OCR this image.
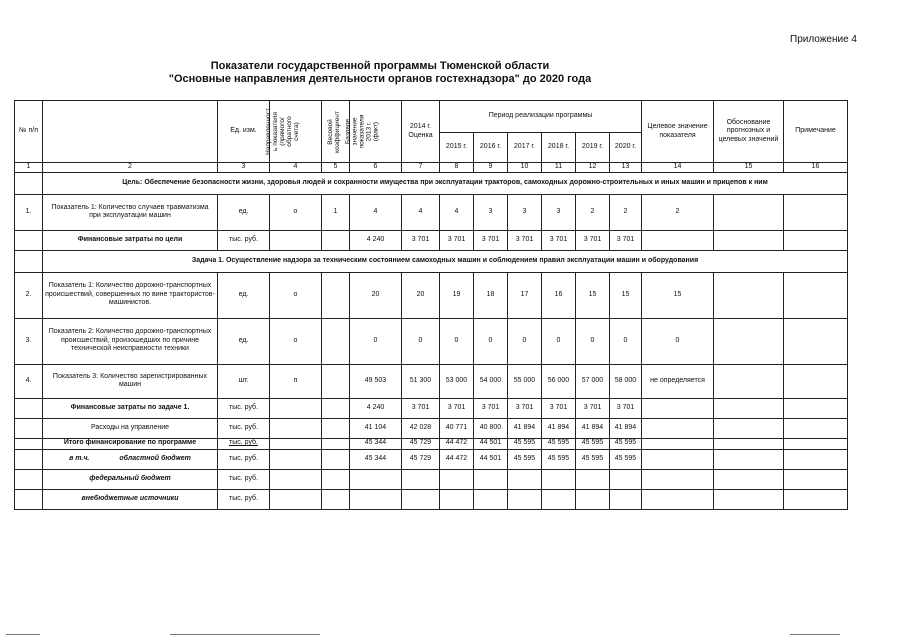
Приложение 4
Показатели государственной программы Тюменской области
"Основные направления деятельности органов гостехнадзора" до 2020 года
№ п/п		Ед. изм.	Направленност ь показателя (прямого/ обратного счета)	Весовой коэффициент	Базовое значение показателя 2013 г. (факт)	2014 г. Оценка	Период реализации программы						Целевое значение показателя	Обоснование прогнозных и целевых значений	Примечание
							2015 г.	2016 г.	2017 г.	2018 г.	2019 г.	2020 г.			
1	2	3	4	5	6	7	8	9	10	11	12	13	14	15	16
	Цель: Обеспечение безопасности жизни, здоровья людей и сохранности имущества при эксплуатации тракторов, самоходных дорожно-строительных и иных машин и прицепов к ним														
1.	Показатель 1: Количество случаев травматизма при эксплуатации машин	ед.	о	1	4	4	4	3	3	3	2	2	2		
	Финансовые затраты по цели	тыс. руб.			4 240	3 701	3 701	3 701	3 701	3 701	3 701	3 701			
	Задача 1. Осуществление надзора за техническим состоянием самоходных машин и соблюдением правил эксплуатации машин и оборудования														
2.	Показатель 1: Количество дорожно-транспортных происшествий, совершенных по вине трактористов- машинистов.	ед.	о		20	20	19	18	17	16	15	15	15		
3.	Показатель 2: Количество дорожно-транспортных происшествий, произошедших по причине технической неисправности техники	ед.	о		0	0	0	0	0	0	0	0	0		
4.	Показатель 3: Количество зарегистрированных машин	шт.	п		49 503	51 300	53 000	54 000	55 000	56 000	57 000	58 000	не определяется		
	Финансовые затраты по задаче 1.	тыс. руб.			4 240	3 701	3 701	3 701	3 701	3 701	3 701	3 701			
	Расходы на управление	тыс. руб.			41 104	42 028	40 771	40 800	41 894	41 894	41 894	41 894			
	Итого финансирование по программе	тыс. руб.			45 344	45 729	44 472	44 501	45 595	45 595	45 595	45 595			
	в т.ч. областной бюджет	тыс. руб.			45 344	45 729	44 472	44 501	45 595	45 595	45 595	45 595			
	федеральный бюджет	тыс. руб.													
	внебюджетные источники	тыс. руб.													
